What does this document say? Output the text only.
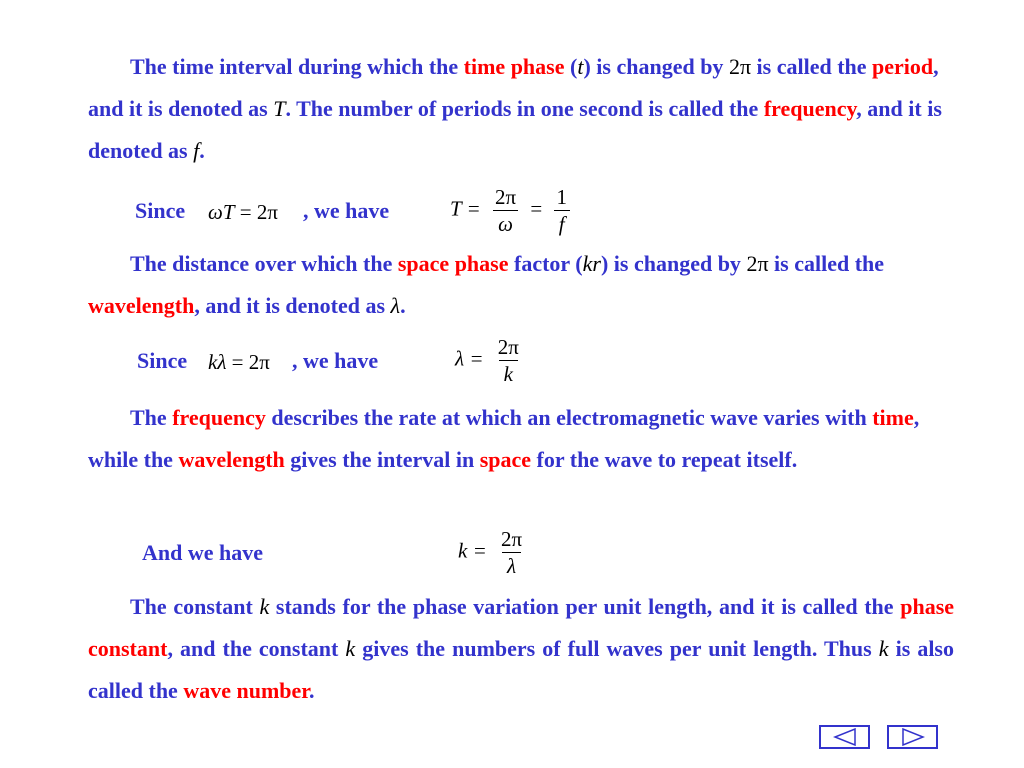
The time interval during which the time phase (t) is changed by 2π is called the period, and it is denoted as T. The number of periods in one second is called the frequency, and it is denoted as f.

Since ωT = 2π , we have	$T = \frac{2\pi}{\omega} = \frac{1}{f}$

The distance over which the space phase factor (kr) is changed by 2π is called the wavelength, and it is denoted as λ.

Since kλ = 2π , we have	$\lambda = \frac{2\pi}{k}$

The frequency describes the rate at which an electromagnetic wave varies with time, while the wavelength gives the interval in space for the wave to repeat itself.

And we have	$k = \frac{2\pi}{\lambda}$

The constant k stands for the phase variation per unit length, and it is called the phase constant, and the constant k gives the numbers of full waves per unit length. Thus k is also called the wave number.
